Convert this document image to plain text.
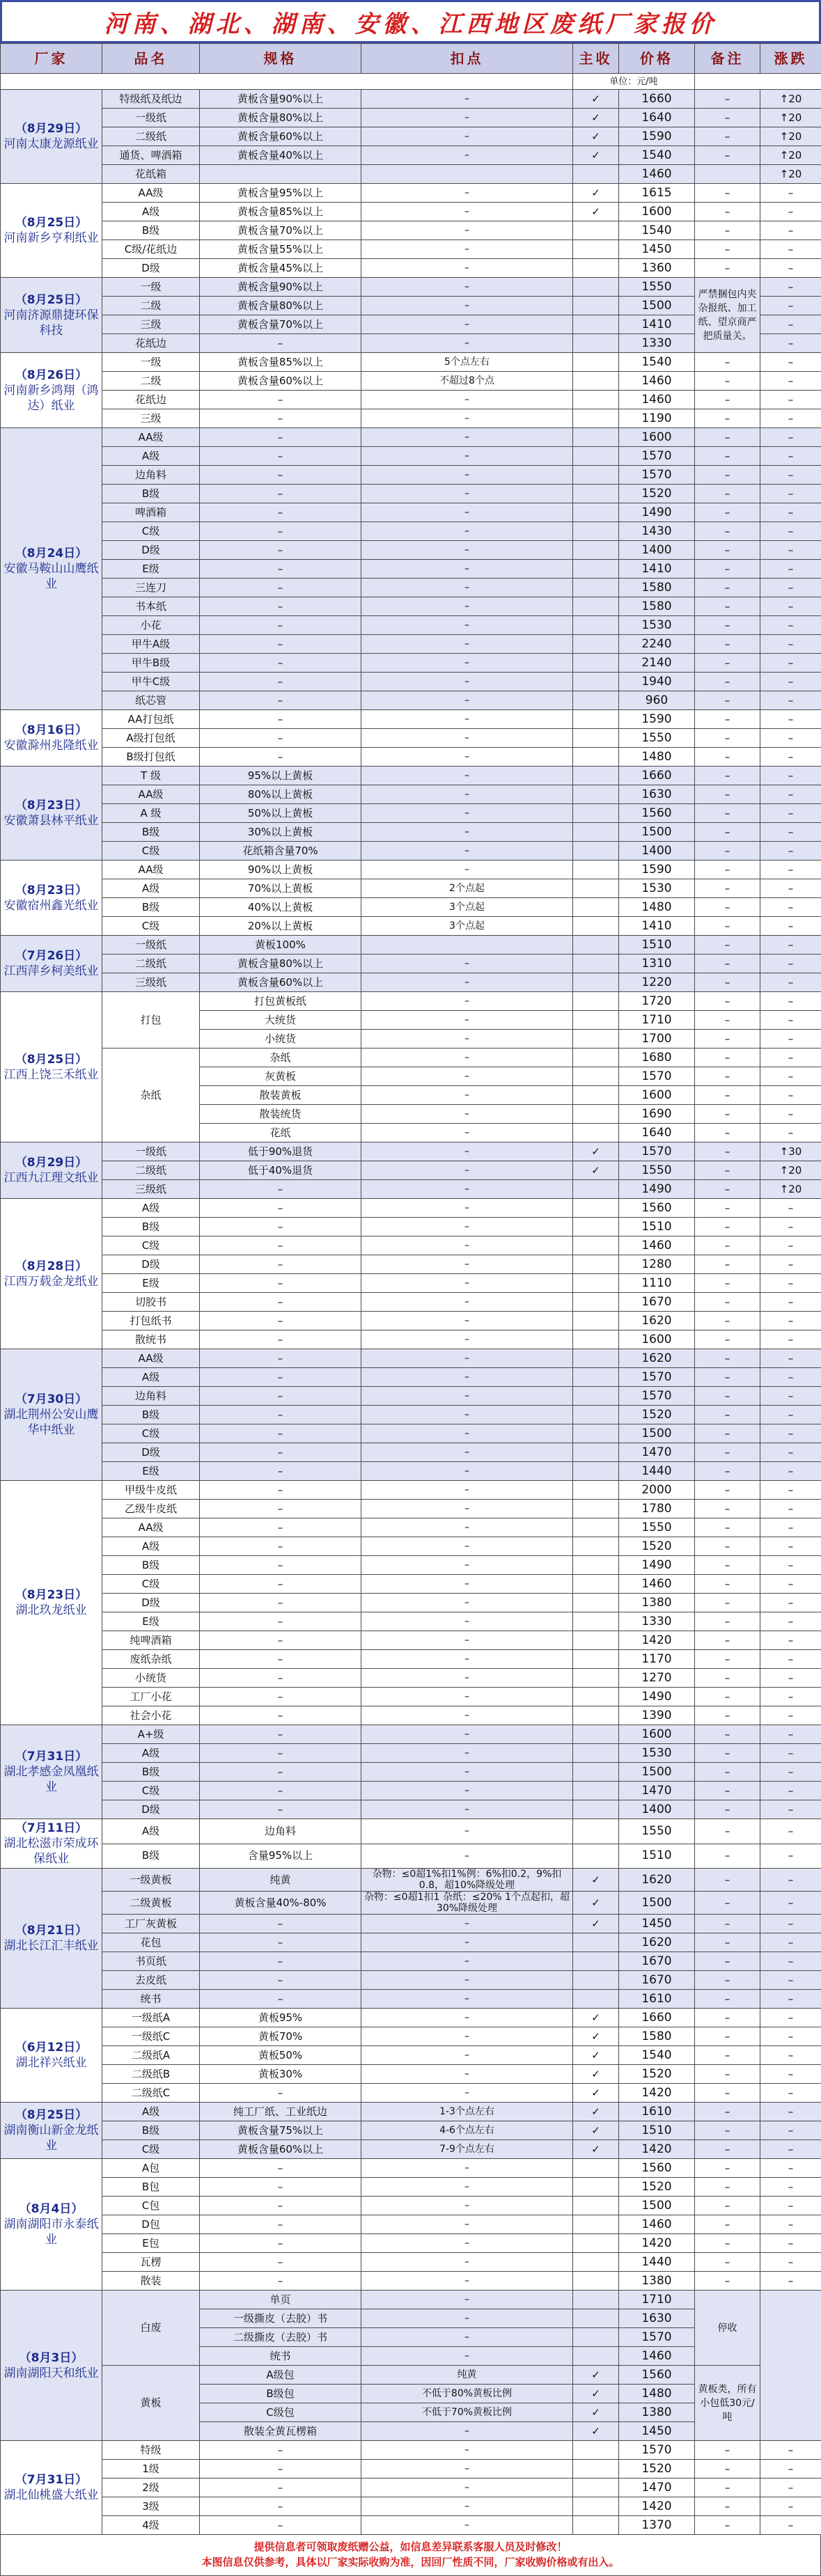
河南、湖北、湖南、安徽、江西地区废纸厂家报价
厂家	品名	规格	扣点	主收	价格	备注	涨跌
				单位：元/吨			

（8月29日）
河南太康龙源纸业	特级纸及纸边	黄板含量90%以上	–	✓	1660	–	↑20
	一级纸	黄板含量80%以上	–	✓	1640	–	↑20
	二级纸	黄板含量60%以上	–	✓	1590	–	↑20
	通货、啤酒箱	黄板含量40%以上	–	✓	1540	–	↑20
	花纸箱				1460		↑20

（8月25日）
河南新乡亨利纸业	AA级	黄板含量95%以上	–	✓	1615	–	–
	A级	黄板含量85%以上	–	✓	1600	–	–
	B级	黄板含量70%以上	–		1540	–	–
	C级/花纸边	黄板含量55%以上	–		1450	–	–
	D级	黄板含量45%以上	–		1360	–	–

（8月25日）
河南济源鼎捷环保科技	一级	黄板含量90%以上	–		1550	严禁捆包内夹杂报纸、加工纸、望京商严把质量关。	–
	二级	黄板含量80%以上	–		1500		–
	三级	黄板含量70%以上	–		1410		–
	花纸边	–	–		1330		–

（8月26日）
河南新乡鸿翔（鸿达）纸业	一级	黄板含量85%以上	5个点左右		1540	–	–
	二级	黄板含量60%以上	不超过8个点		1460	–	–
	花纸边	–	–		1460	–	–
	三级	–	–		1190	–	–

（8月24日）
安徽马鞍山山鹰纸业	AA级	–	–		1600	–	–
	A级	–	–		1570	–	–
	边角料	–	–		1570	–	–
	B级	–	–		1520	–	–
	啤酒箱	–	–		1490	–	–
	C级	–	–		1430	–	–
	D级	–	–		1400	–	–
	E级	–	–		1410	–	–
	三连刀	–	–		1580	–	–
	书本纸	–	–		1580	–	–
	小花	–	–		1530	–	–
	甲牛A级	–	–		2240	–	–
	甲牛B级	–	–		2140	–	–
	甲牛C级	–	–		1940	–	–
	纸芯管	–	–		960	–	–

（8月16日）
安徽滁州兆隆纸业	AA打包纸	–	–		1590	–	–
	A级打包纸	–	–		1550	–	–
	B级打包纸	–	–		1480	–	–

（8月23日）
安徽萧县林平纸业	T 级	95%以上黄板	–		1660	–	–
	AA级	80%以上黄板	–		1630	–	–
	A 级	50%以上黄板	–		1560	–	–
	B级	30%以上黄板	–		1500	–	–
	C级	花纸箱含量70%	–		1400	–	–

（8月23日）
安徽宿州鑫光纸业	AA级	90%以上黄板	–		1590	–	–
	A级	70%以上黄板	2个点起		1530	–	–
	B级	40%以上黄板	3个点起		1480	–	–
	C级	20%以上黄板	3个点起		1410	–	–

（7月26日）
江西萍乡柯美纸业	一级纸	黄板100%			1510	–	–
	二级纸	黄板含量80%以上	–		1310	–	–
	三级纸	黄板含量60%以上	–		1220	–	–

（8月25日）
江西上饶三禾纸业	打包	打包黄板纸	–		1720	–	–
		大统货	–		1710	–	–
		小统货	–		1700	–	–
	杂纸	杂纸	–		1680	–	–
		灰黄板	–		1570	–	–
		散装黄板	–		1600	–	–
		散装统货	–		1690	–	–
		花纸	–		1640	–	–

（8月29日）
江西九江理文纸业	一级纸	低于90%退货	–	✓	1570	–	↑30
	二级纸	低于40%退货	–	✓	1550	–	↑20
	三级纸	–	–		1490	–	↑20

（8月28日）
江西万载金龙纸业	A级	–	–		1560	–	–
	B级	–	–		1510	–	–
	C级	–	–		1460	–	–
	D级	–	–		1280	–	–
	E级	–	–		1110	–	–
	切胶书	–	–		1670	–	–
	打包纸书	–	–		1620	–	–
	散统书	–	–		1600	–	–

（7月30日）
湖北荆州公安山鹰华中纸业	AA级	–	–		1620	–	–
	A级	–	–		1570	–	–
	边角料	–	–		1570	–	–
	B级	–	–		1520	–	–
	C级	–	–		1500	–	–
	D级	–	–		1470	–	–
	E级	–	–		1440	–	–

（8月23日）
湖北玖龙纸业	甲级牛皮纸	–	–		2000	–	–
	乙级牛皮纸	–	–		1780	–	–
	AA级	–	–		1550	–	–
	A级	–	–		1520	–	–
	B级	–	–		1490	–	–
	C级	–	–		1460	–	–
	D级	–	–		1380	–	–
	E级	–	–		1330	–	–
	纯啤酒箱	–	–		1420	–	–
	废纸杂纸	–	–		1170	–	–
	小统货	–	–		1270	–	–
	工厂小花	–	–		1490	–	–
	社会小花	–	–		1390	–	–

（7月31日）
湖北孝感金凤凰纸业	A+级	–	–		1600	–	–
	A级	–	–		1530	–	–
	B级	–	–		1500	–	–
	C级	–	–		1470	–	–
	D级	–	–		1400	–	–

（7月11日）
湖北松滋市荣成环保纸业	A级	边角料	–		1550	–	–
	B级	含量95%以上	–		1510	–	–

（8月21日）
湖北长江汇丰纸业	一级黄板	纯黄	杂物：≤0超1%扣1%例：6%扣0.2，9%扣0.8，超10%降级处理	✓	1620	–	–
	二级黄板	黄板含量40%-80%	杂物：≤0超1扣1 杂纸：≤20% 1个点起扣，超30%降级处理	✓	1500	–	–
	工厂灰黄板	–	–	✓	1450	–	–
	花包	–	–		1620	–	–
	书页纸	–	–		1670	–	–
	去皮纸	–	–		1670	–	–
	统书	–	–		1610	–	–

（6月12日）
湖北祥兴纸业	一级纸A	黄板95%	–	✓	1660	–	–
	一级纸C	黄板70%	–	✓	1580	–	–
	二级纸A	黄板50%	–	✓	1540	–	–
	二级纸B	黄板30%	–	✓	1520	–	–
	二级纸C	–	–	✓	1420	–	–

（8月25日）
湖南衡山新金龙纸业	A级	纯工厂纸、工业纸边	1-3个点左右	✓	1610	–	–
	B级	黄板含量75%以上	4-6个点左右	✓	1510	–	–
	C级	黄板含量60%以上	7-9个点左右	✓	1420	–	–

（8月4日）
湖南湖阳市永泰纸业	A包	–	–		1560	–	–
	B包	–	–		1520	–	–
	C包	–	–		1500	–	–
	D包	–	–		1460	–	–
	E包	–	–		1420	–	–
	瓦楞	–	–		1440	–	–
	散装	–	–		1380	–	–

（8月3日）
湖南湖阳天和纸业	白废	单页	–		1710	停收	
		一级撕皮（去胶）书	–		1630		
		二级撕皮（去胶）书	–		1570		
		统书	–		1460		
	黄板	A级包	纯黄	✓	1560	黄板类，所有小包低30元/吨	
		B级包	不低于80%黄板比例	✓	1480		
		C级包	不低于70%黄板比例	✓	1380		
		散装全黄瓦楞箱	–	✓	1450		

（7月31日）
湖北仙桃盛大纸业	特级	–	–		1570	–	–
	1级	–	–		1520	–	–
	2级	–	–		1470	–	–
	3级	–	–		1420	–	–
	4级	–	–		1370	–	–
提供信息者可领取废纸赠公益，如信息差异联系客服人员及时修改！
本图信息仅供参考，具体以厂家实际收购为准，因回厂性质不同，厂家收购价格或有出入。
